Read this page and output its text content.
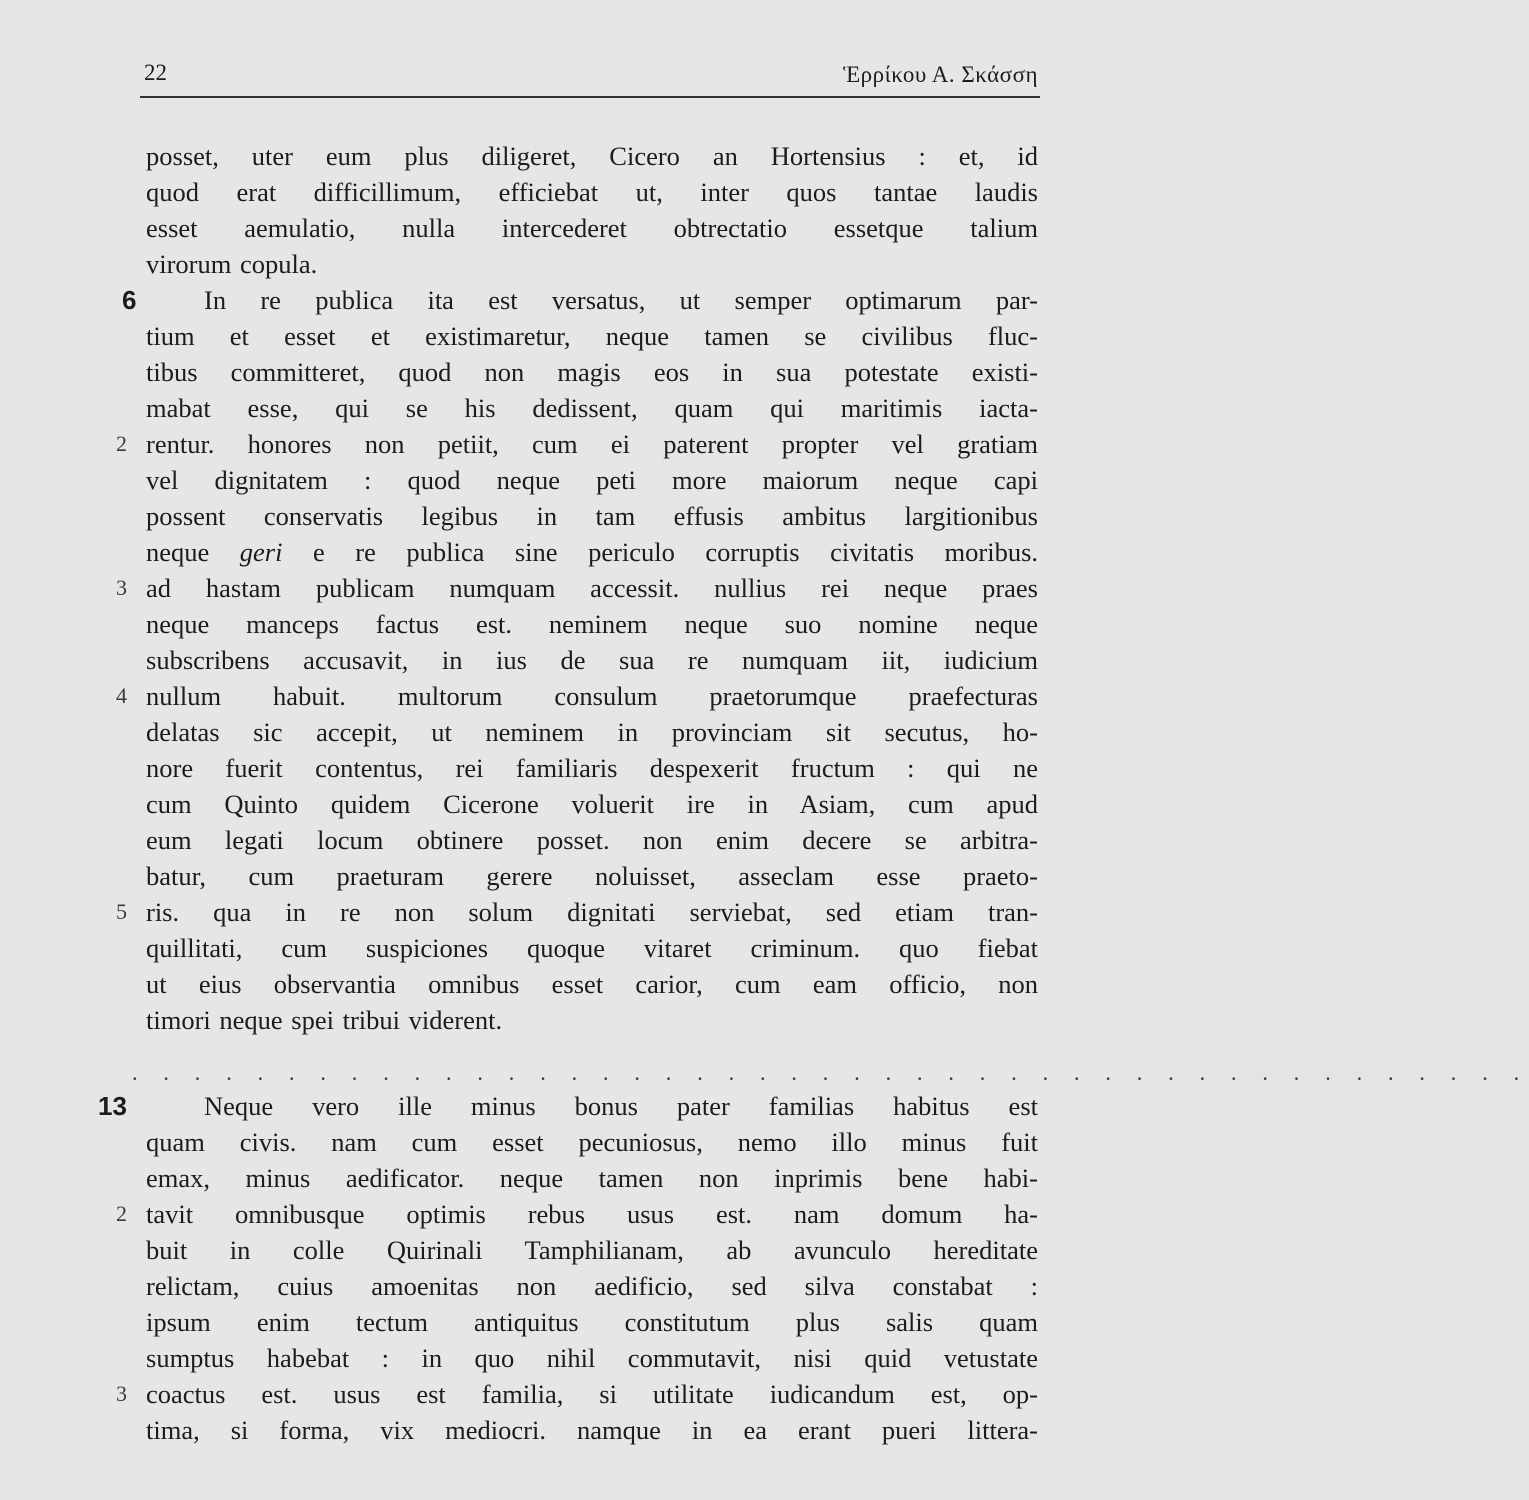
22	Ἑρρίκου Α. Σκάσση
posset, uter eum plus diligeret, Cicero an Hortensius : et, id
quod erat difficillimum, efficiebat ut, inter quos tantae laudis
esset aemulatio, nulla intercederet obtrectatio essetque talium
virorum copula.
6	In re publica ita est versatus, ut semper optimarum par-
tium et esset et existimaretur, neque tamen se civilibus fluc-
tibus committeret, quod non magis eos in sua potestate existi-
mabat esse, qui se his dedissent, quam qui maritimis iacta-
2 rentur. honores non petiit, cum ei paterent propter vel gratiam
vel dignitatem : quod neque peti more maiorum neque capi
possent conservatis legibus in tam effusis ambitus largitionibus
neque geri e re publica sine periculo corruptis civitatis moribus.
3 ad hastam publicam numquam accessit. nullius rei neque praes
neque manceps factus est. neminem neque suo nomine neque
subscribens accusavit, in ius de sua re numquam iit, iudicium
4 nullum habuit. multorum consulum praetorumque praefecturas
delatas sic accepit, ut neminem in provinciam sit secutus, ho-
nore fuerit contentus, rei familiaris despexerit fructum : qui ne
cum Quinto quidem Cicerone voluerit ire in Asiam, cum apud
eum legati locum obtinere posset. non enim decere se arbitra-
batur, cum praeturam gerere noluisset, asseclam esse praeto-
5 ris. qua in re non solum dignitati serviebat, sed etiam tran-
quillitati, cum suspiciones quoque vitaret criminum. quo fiebat
ut eius observantia omnibus esset carior, cum eam officio, non
timori neque spei tribui viderent.
. . . . . . . . . . . . . . . . . . . . . . . . . . . . . . . . . . . . . . . . . . . . .
13	Neque vero ille minus bonus pater familias habitus est
quam civis. nam cum esset pecuniosus, nemo illo minus fuit
emax, minus aedificator. neque tamen non inprimis bene habi-
2 tavit omnibusque optimis rebus usus est. nam domum ha-
buit in colle Quirinali Tamphilianam, ab avunculo hereditate
relictam, cuius amoenitas non aedificio, sed silva constabat :
ipsum enim tectum antiquitus constitutum plus salis quam
sumptus habebat : in quo nihil commutavit, nisi quid vetustate
3 coactus est. usus est familia, si utilitate iudicandum est, op-
tima, si forma, vix mediocri. namque in ea erant pueri littera-
